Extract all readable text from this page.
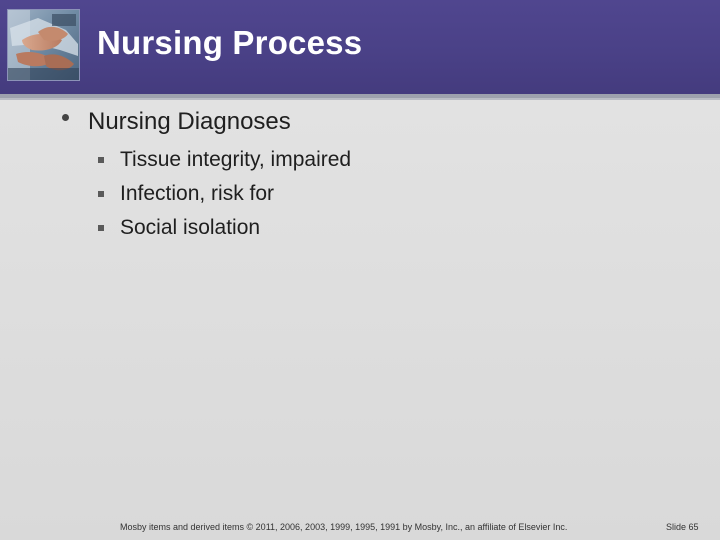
Nursing Process
Nursing Diagnoses
Tissue integrity, impaired
Infection, risk for
Social isolation
Mosby items and derived items © 2011, 2006, 2003, 1999, 1995, 1991 by Mosby, Inc., an affiliate of Elsevier Inc.	Slide 65
